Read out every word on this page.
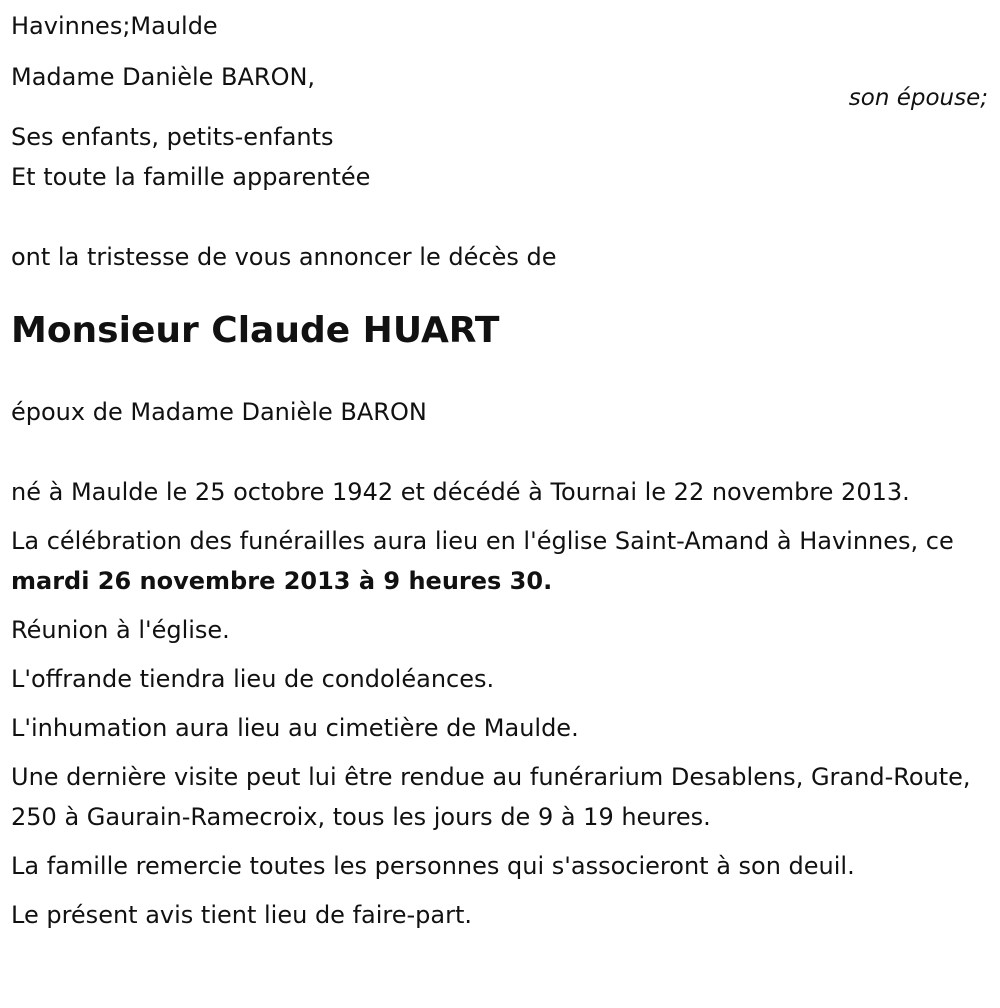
Havinnes;Maulde
Madame Danièle BARON,
Ses enfants, petits-enfants
Et toute la famille apparentée
ont la tristesse de vous annoncer le décès de
Monsieur Claude HUART
époux de Madame Danièle BARON
né à Maulde le 25 octobre 1942 et décédé à Tournai le 22 novembre 2013.
La célébration des funérailles aura lieu en l'église Saint-Amand à Havinnes, ce mardi 26 novembre 2013 à 9 heures 30.
Réunion à l'église.
L'offrande tiendra lieu de condoléances.
L'inhumation aura lieu au cimetière de Maulde.
Une dernière visite peut lui être rendue au funérarium Desablens, Grand-Route, 250 à Gaurain-Ramecroix, tous les jours de 9 à 19 heures.
La famille remercie toutes les personnes qui s'associeront à son deuil.
Le présent avis tient lieu de faire-part.
son épouse;
